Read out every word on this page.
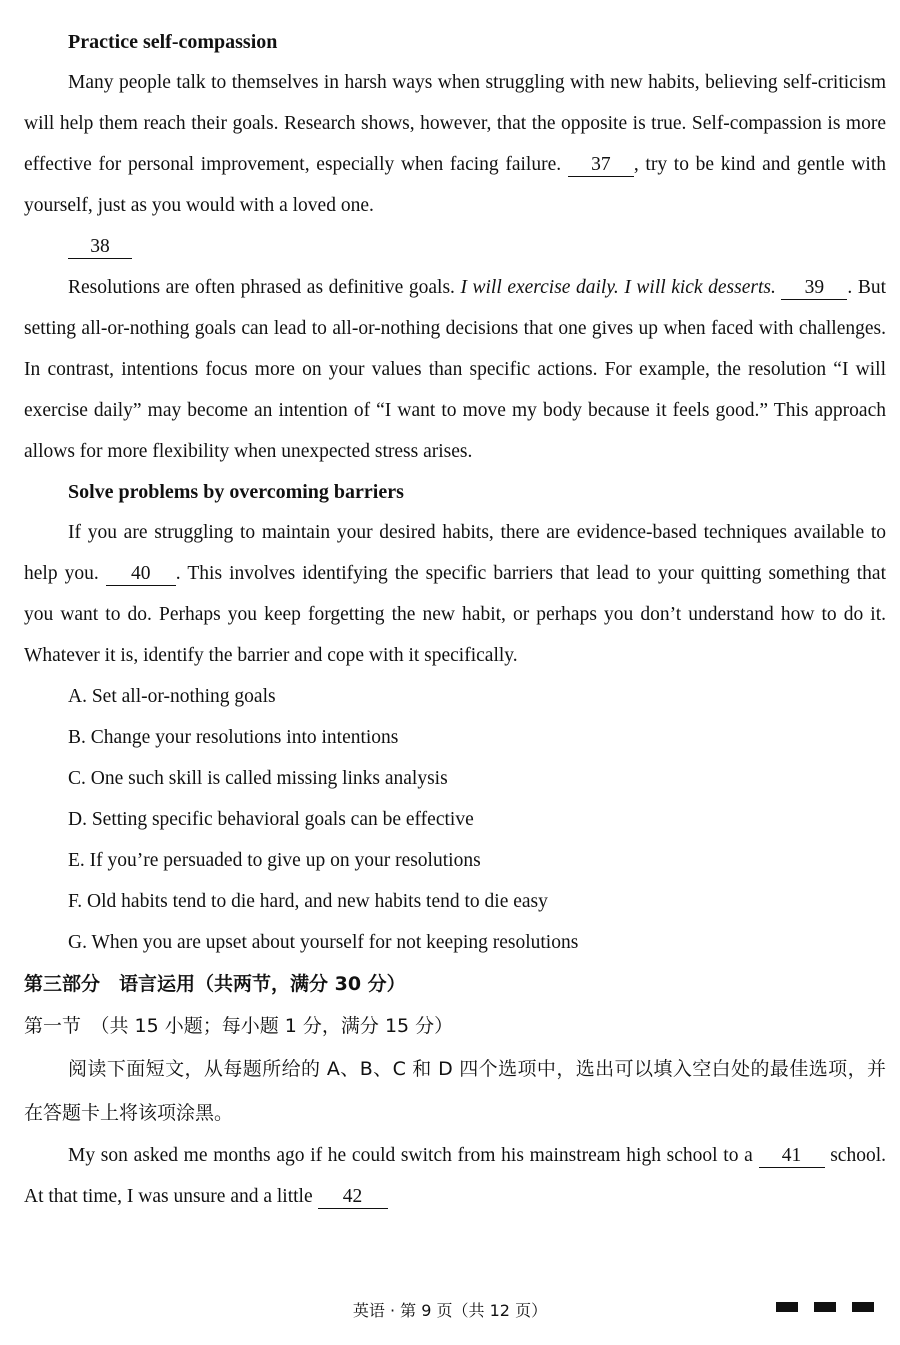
Practice self-compassion

Many people talk to themselves in harsh ways when struggling with new habits, believing self-criticism will help them reach their goals. Research shows, however, that the opposite is true. Self-compassion is more effective for personal improvement, especially when facing failure. 37 , try to be kind and gentle with yourself, just as you would with a loved one.

38

Resolutions are often phrased as definitive goals. I will exercise daily. I will kick desserts. 39 . But setting all-or-nothing goals can lead to all-or-nothing decisions that one gives up when faced with challenges. In contrast, intentions focus more on your values than specific actions. For example, the resolution “I will exercise daily” may become an intention of “I want to move my body because it feels good.” This approach allows for more flexibility when unexpected stress arises.

Solve problems by overcoming barriers

If you are struggling to maintain your desired habits, there are evidence-based techniques available to help you. 40 . This involves identifying the specific barriers that lead to your quitting something that you want to do. Perhaps you keep forgetting the new habit, or perhaps you don’t understand how to do it. Whatever it is, identify the barrier and cope with it specifically.

A. Set all-or-nothing goals

B. Change your resolutions into intentions

C. One such skill is called missing links analysis

D. Setting specific behavioral goals can be effective

E. If you’re persuaded to give up on your resolutions

F. Old habits tend to die hard, and new habits tend to die easy

G. When you are upset about yourself for not keeping resolutions

第三部分　语言运用（共两节，满分 30 分）

第一节　（共 15 小题；每小题 1 分，满分 15 分）

阅读下面短文，从每题所给的 A、B、C 和 D 四个选项中，选出可以填入空白处的最佳选项，并在答题卡上将该项涂黑。

My son asked me months ago if he could switch from his mainstream high school to a 41 school. At that time, I was unsure and a little 42

英语 · 第 9 页（共 12 页）
